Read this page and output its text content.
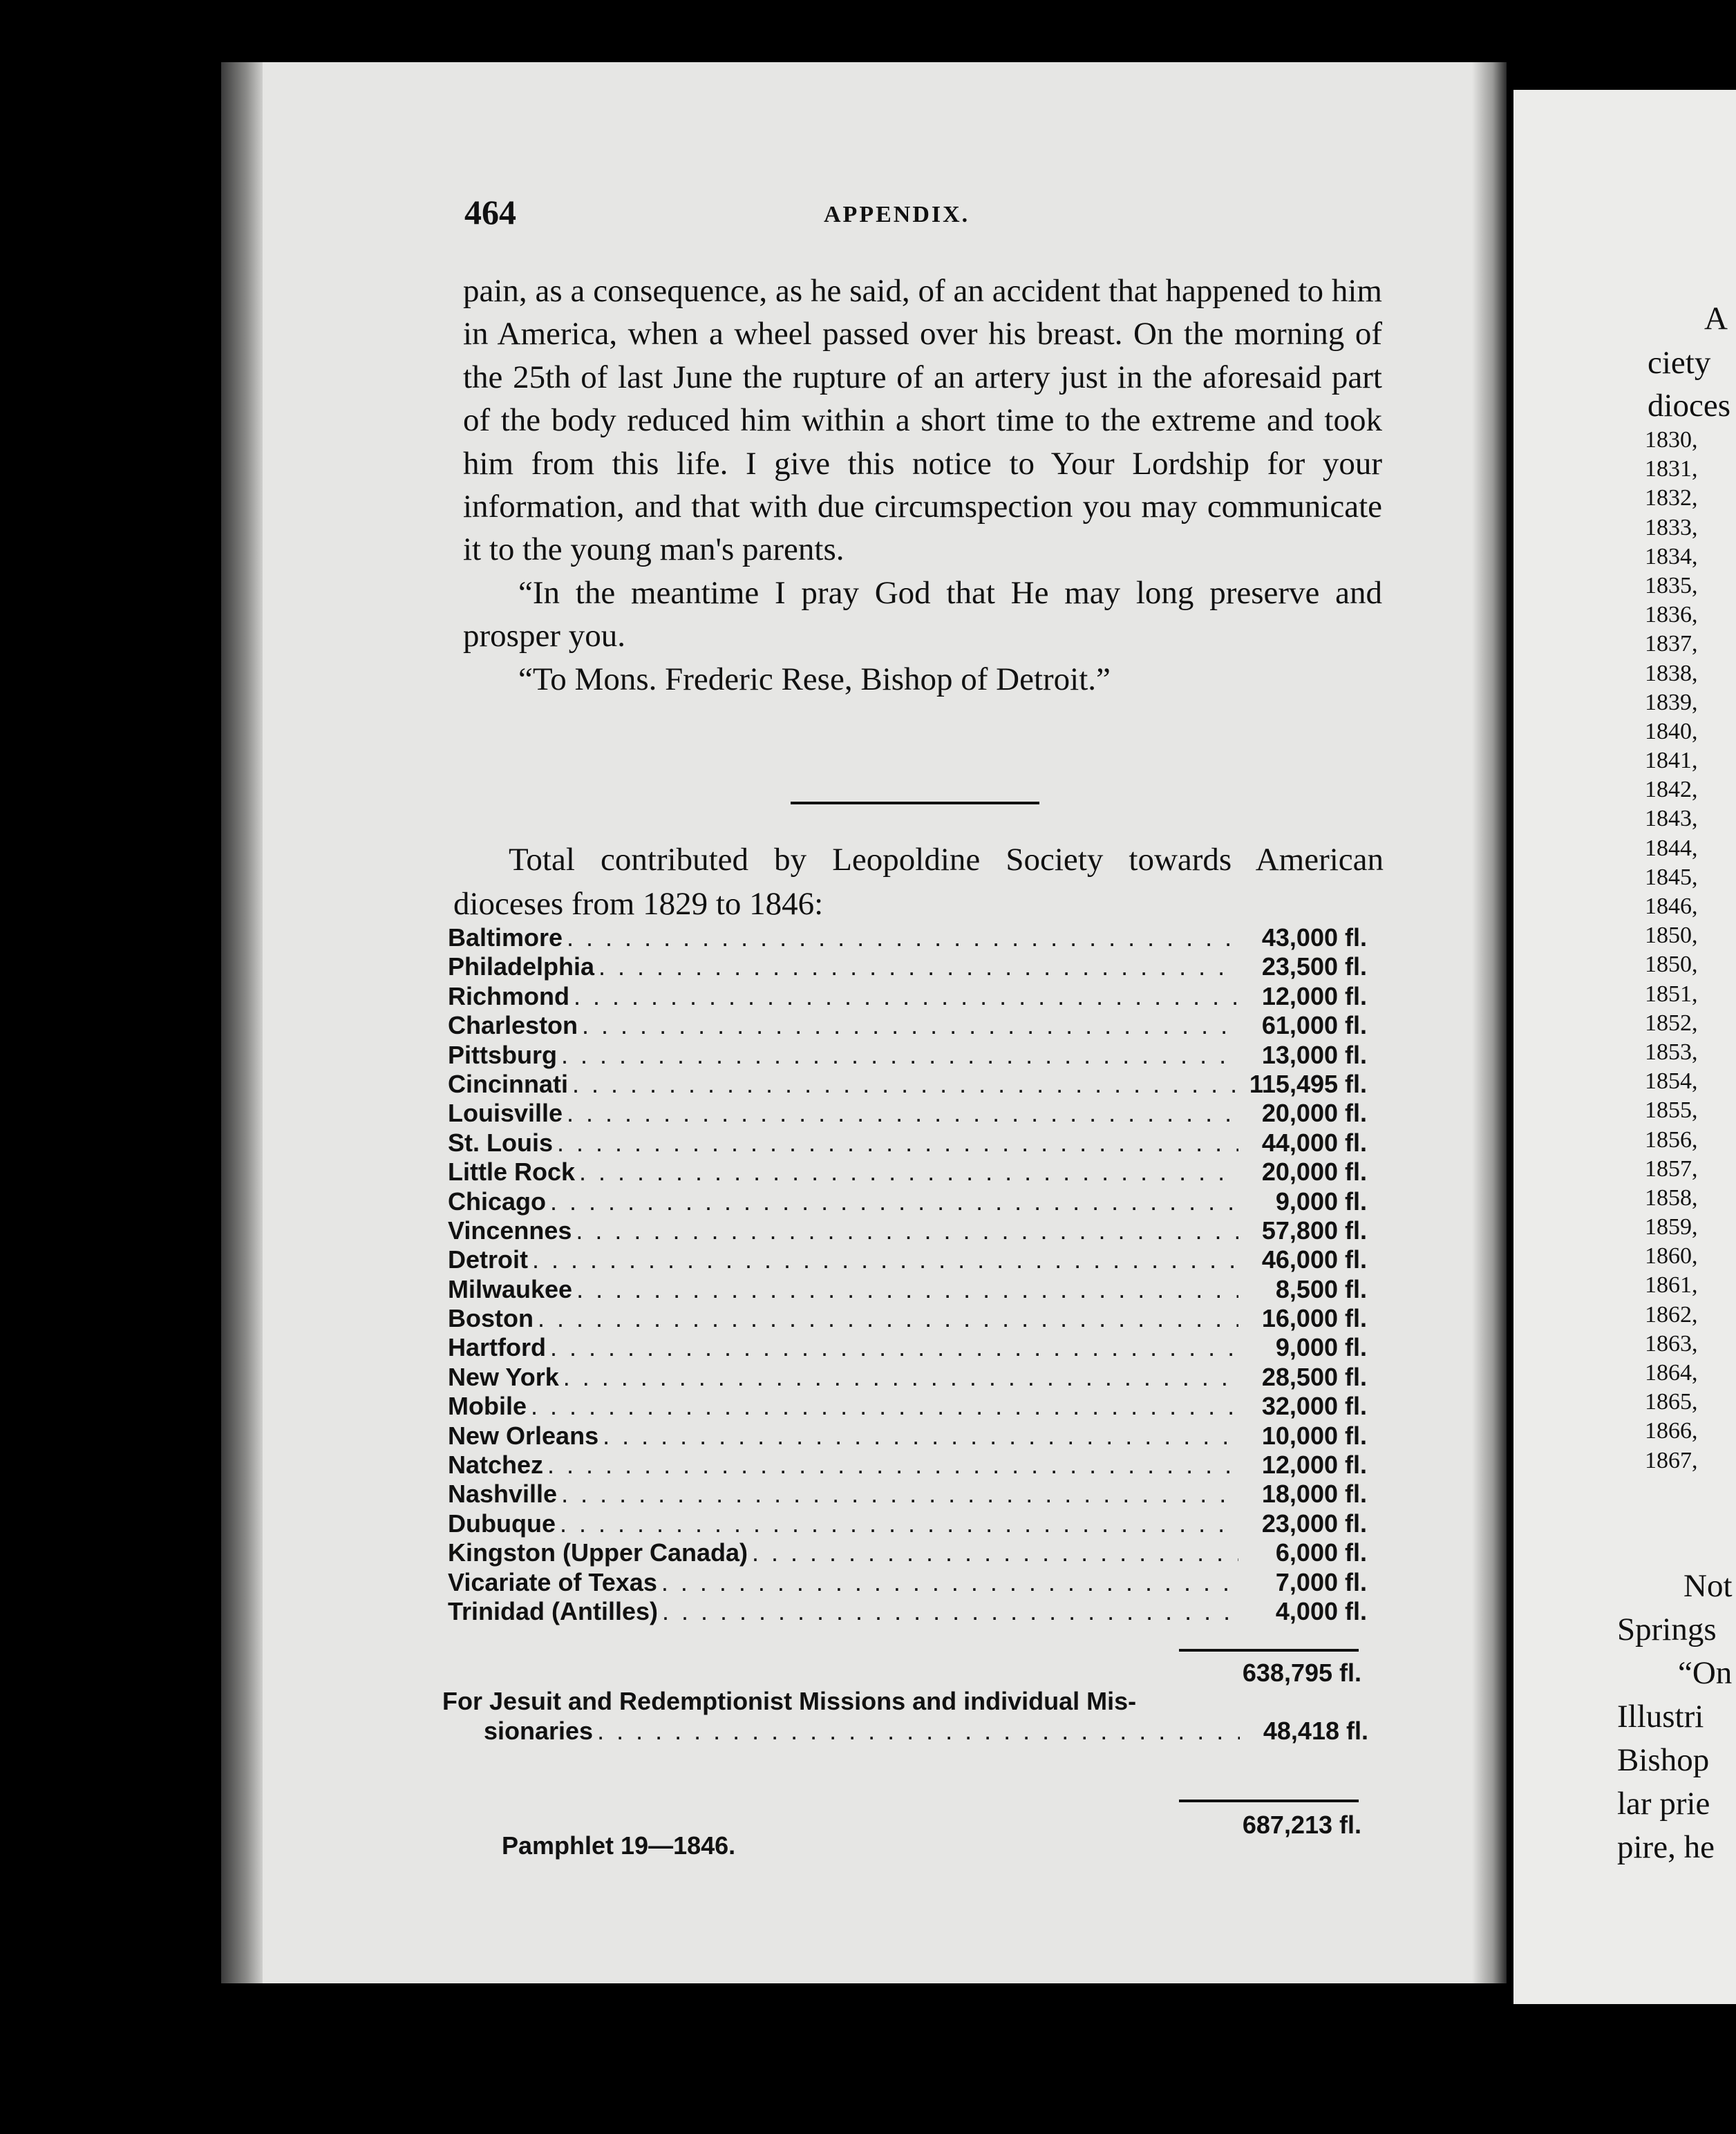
464	APPENDIX.

pain, as a consequence, as he said, of an accident that happened to him in America, when a wheel passed over his breast. On the morning of the 25th of last June the rupture of an artery just in the aforesaid part of the body reduced him within a short time to the extreme and took him from this life. I give this notice to Your Lordship for your information, and that with due circumspection you may communicate it to the young man's parents.

“In the meantime I pray God that He may long preserve and prosper you.

“To Mons. Frederic Rese, Bishop of Detroit.”

Total contributed by Leopoldine Society towards American dioceses from 1829 to 1846:

Baltimore . . .	43,000 fl.
Philadelphia . . .	23,500 fl.
Richmond . . .	12,000 fl.
Charleston . . .	61,000 fl.
Pittsburg . . .	13,000 fl.
Cincinnati . . .	115,495 fl.
Louisville . . .	20,000 fl.
St. Louis . . .	44,000 fl.
Little Rock . . .	20,000 fl.
Chicago . . .	9,000 fl.
Vincennes . . .	57,800 fl.
Detroit . . .	46,000 fl.
Milwaukee . . .	8,500 fl.
Boston . . .	16,000 fl.
Hartford . . .	9,000 fl.
New York . . .	28,500 fl.
Mobile . . .	32,000 fl.
New Orleans . . .	10,000 fl.
Natchez . . .	12,000 fl.
Nashville . . .	18,000 fl.
Dubuque . . .	23,000 fl.
Kingston (Upper Canada) . . .	6,000 fl.
Vicariate of Texas . . .	7,000 fl.
Trinidad (Antilles) . . .	4,000 fl.
638,795 fl.
For Jesuit and Redemptionist Missions and individual Mis-
sionaries . . .	48,418 fl.
687,213 fl.
Pamphlet 19—1846.
A
ciety
dioces
1830,
1831,
1832,
1833,
1834,
1835,
1836,
1837,
1838,
1839,
1840,
1841,
1842,
1843,
1844,
1845,
1846,
1850,
1850,
1851,
1852,
1853,
1854,
1855,
1856,
1857,
1858,
1859,
1860,
1861,
1862,
1863,
1864,
1865,
1866,
1867,
Not
Springs
“On
Illustri
Bishop
lar prie
pire, he
